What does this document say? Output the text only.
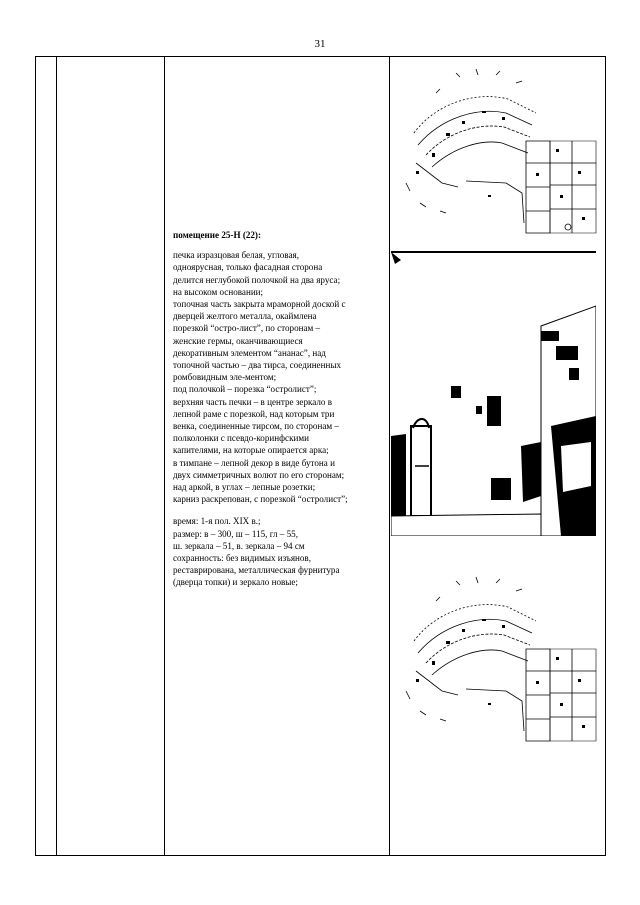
31
помещение 25-Н (22):
печка изразцовая белая, угловая,
одноярусная, только фасадная сторона
делится неглубокой полочкой на два яруса;
на высоком основании;
топочная часть закрыта мраморной доской с
дверцей желтого металла, окаймлена
порезкой “остро-лист”, по сторонам –
женские гермы, оканчивающиеся
декоративным элементом “ананас”, над
топочной частью – два тирса, соединенных
ромбовидным эле-ментом;
под полочкой – порезка “остролист”;
верхняя часть печки – в центре зеркало в
лепной раме с порезкой, над которым три
венка, соединенные тирсом, по сторонам –
полколонки с псевдо-коринфскими
капителями, на которые опирается арка;
в тимпане – лепной декор в виде бутона и
двух симметричных волют по его сторонам;
над аркой, в углах – лепные розетки;
карниз раскрепован, с порезкой “остролист”;
время: 1-я пол. XIX в.;
размер: в – 300, ш – 115, гл – 55,
ш. зеркала – 51, в. зеркала – 94 см
сохранность: без видимых изъянов,
реставрирована, металлическая фурнитура
(дверца топки) и зеркало новые;
